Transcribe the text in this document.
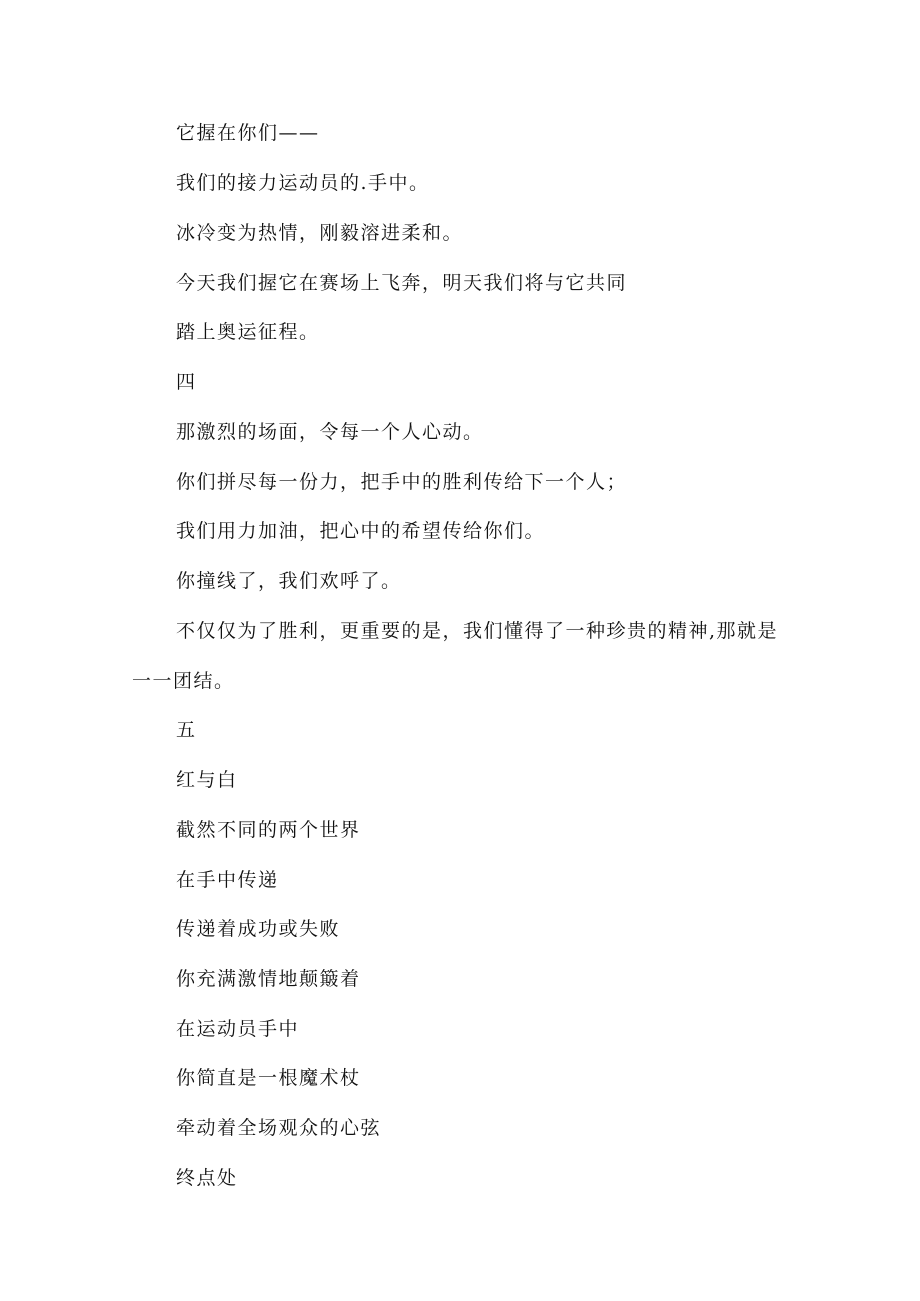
它握在你们——
我们的接力运动员的.手中。
冰冷变为热情，刚毅溶进柔和。
今天我们握它在赛场上飞奔，明天我们将与它共同
踏上奥运征程。
四
那激烈的场面，令每一个人心动。
你们拼尽每一份力，把手中的胜利传给下一个人；
我们用力加油，把心中的希望传给你们。
你撞线了，我们欢呼了。
不仅仅为了胜利，更重要的是，我们懂得了一种珍贵的精神,那就是
一一团结。
五
红与白
截然不同的两个世界
在手中传递
传递着成功或失败
你充满激情地颠簸着
在运动员手中
你简直是一根魔术杖
牵动着全场观众的心弦
终点处
